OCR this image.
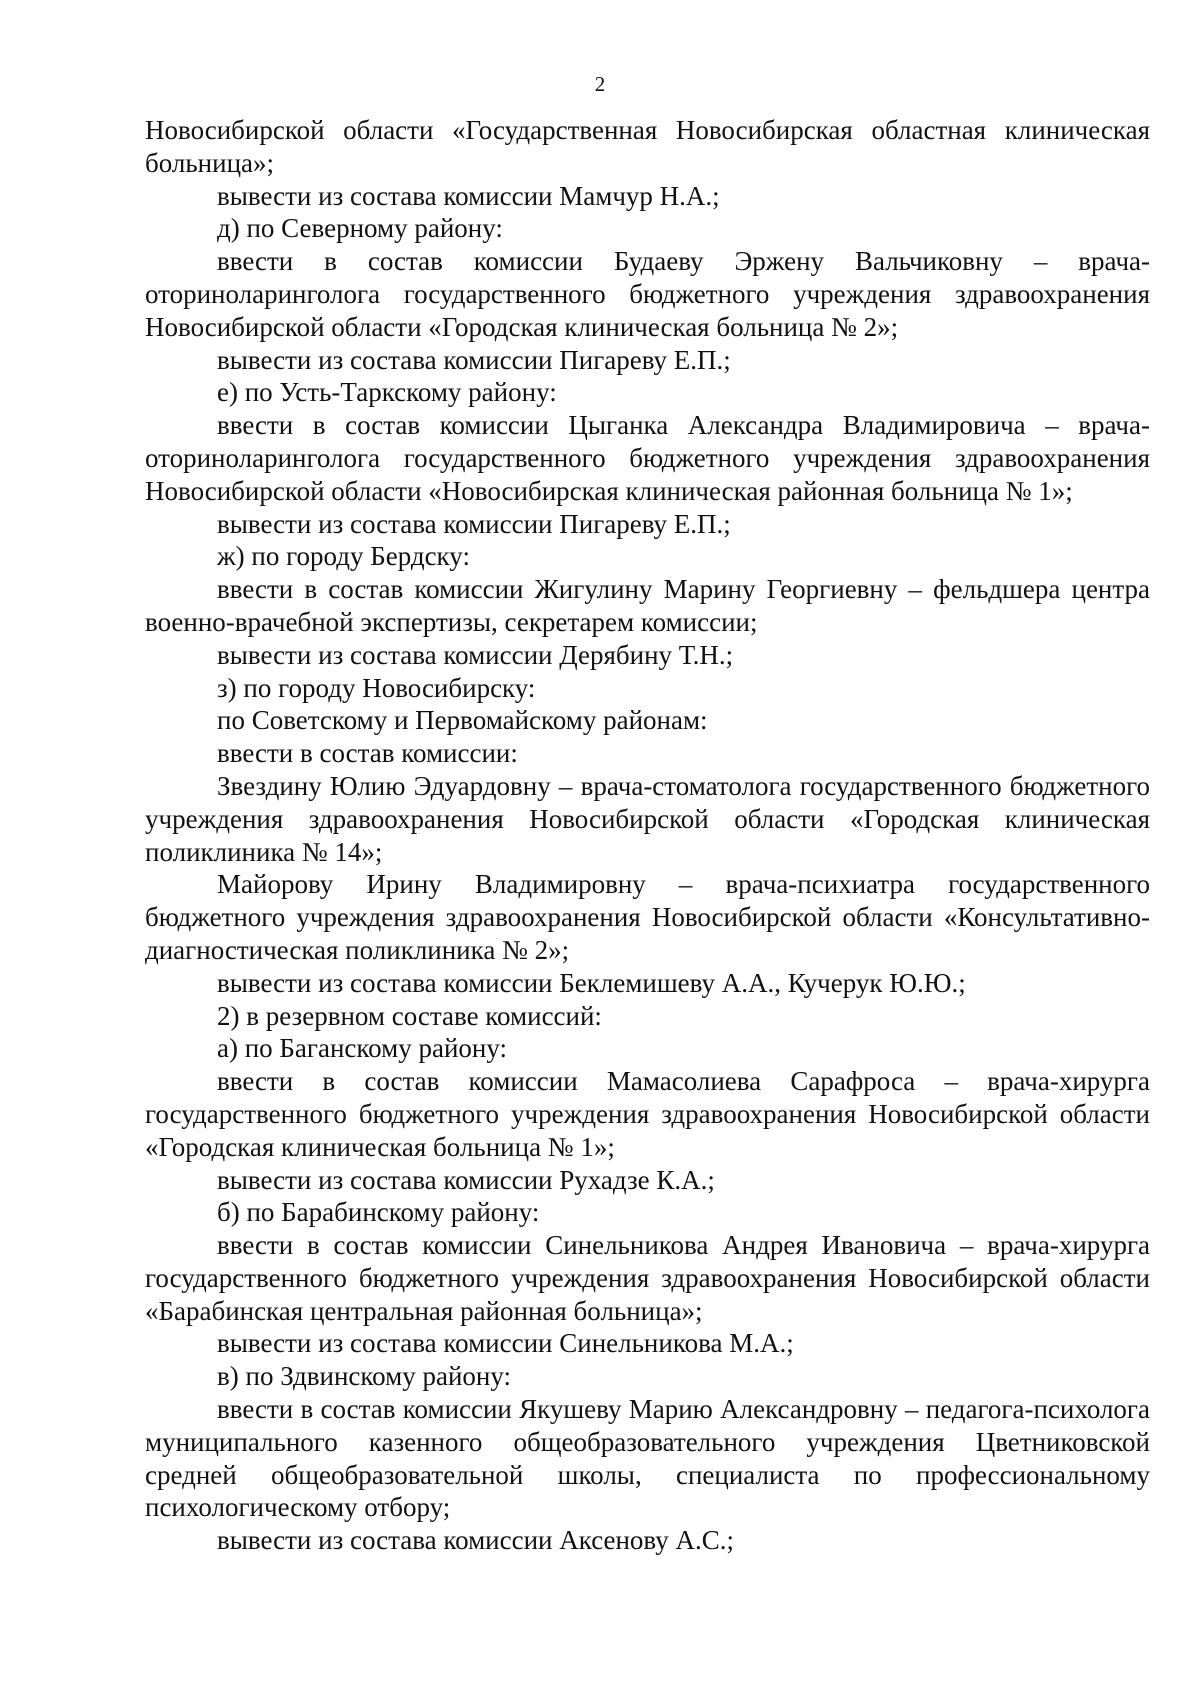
2

Новосибирской области «Государственная Новосибирская областная клиническая больница»;

вывести из состава комиссии Мамчур Н.А.;

д) по Северному району:

ввести в состав комиссии Будаеву Эржену Вальчиковну – врача-оториноларинголога государственного бюджетного учреждения здравоохранения Новосибирской области «Городская клиническая больница № 2»;

вывести из состава комиссии Пигареву Е.П.;

е) по Усть-Таркскому району:

ввести в состав комиссии Цыганка Александра Владимировича – врача-оториноларинголога государственного бюджетного учреждения здравоохранения Новосибирской области «Новосибирская клиническая районная больница № 1»;

вывести из состава комиссии Пигареву Е.П.;

ж) по городу Бердску:

ввести в состав комиссии Жигулину Марину Георгиевну – фельдшера центра военно-врачебной экспертизы, секретарем комиссии;

вывести из состава комиссии Дерябину Т.Н.;

з) по городу Новосибирску:

по Советскому и Первомайскому районам:

ввести в состав комиссии:

Звездину Юлию Эдуардовну – врача-стоматолога государственного бюджетного учреждения здравоохранения Новосибирской области «Городская клиническая поликлиника № 14»;

Майорову Ирину Владимировну – врача-психиатра государственного бюджетного учреждения здравоохранения Новосибирской области «Консультативно-диагностическая поликлиника № 2»;

вывести из состава комиссии Беклемишеву А.А., Кучерук Ю.Ю.;

2) в резервном составе комиссий:

а) по Баганскому району:

ввести в состав комиссии Мамасолиева Сарафроса – врача-хирурга государственного бюджетного учреждения здравоохранения Новосибирской области «Городская клиническая больница № 1»;

вывести из состава комиссии Рухадзе К.А.;

б) по Барабинскому району:

ввести в состав комиссии Синельникова Андрея Ивановича – врача-хирурга государственного бюджетного учреждения здравоохранения Новосибирской области «Барабинская центральная районная больница»;

вывести из состава комиссии Синельникова М.А.;

в) по Здвинскому району:

ввести в состав комиссии Якушеву Марию Александровну – педагога-психолога муниципального казенного общеобразовательного учреждения Цветниковской средней общеобразовательной школы, специалиста по профессиональному психологическому отбору;

вывести из состава комиссии Аксенову А.С.;
